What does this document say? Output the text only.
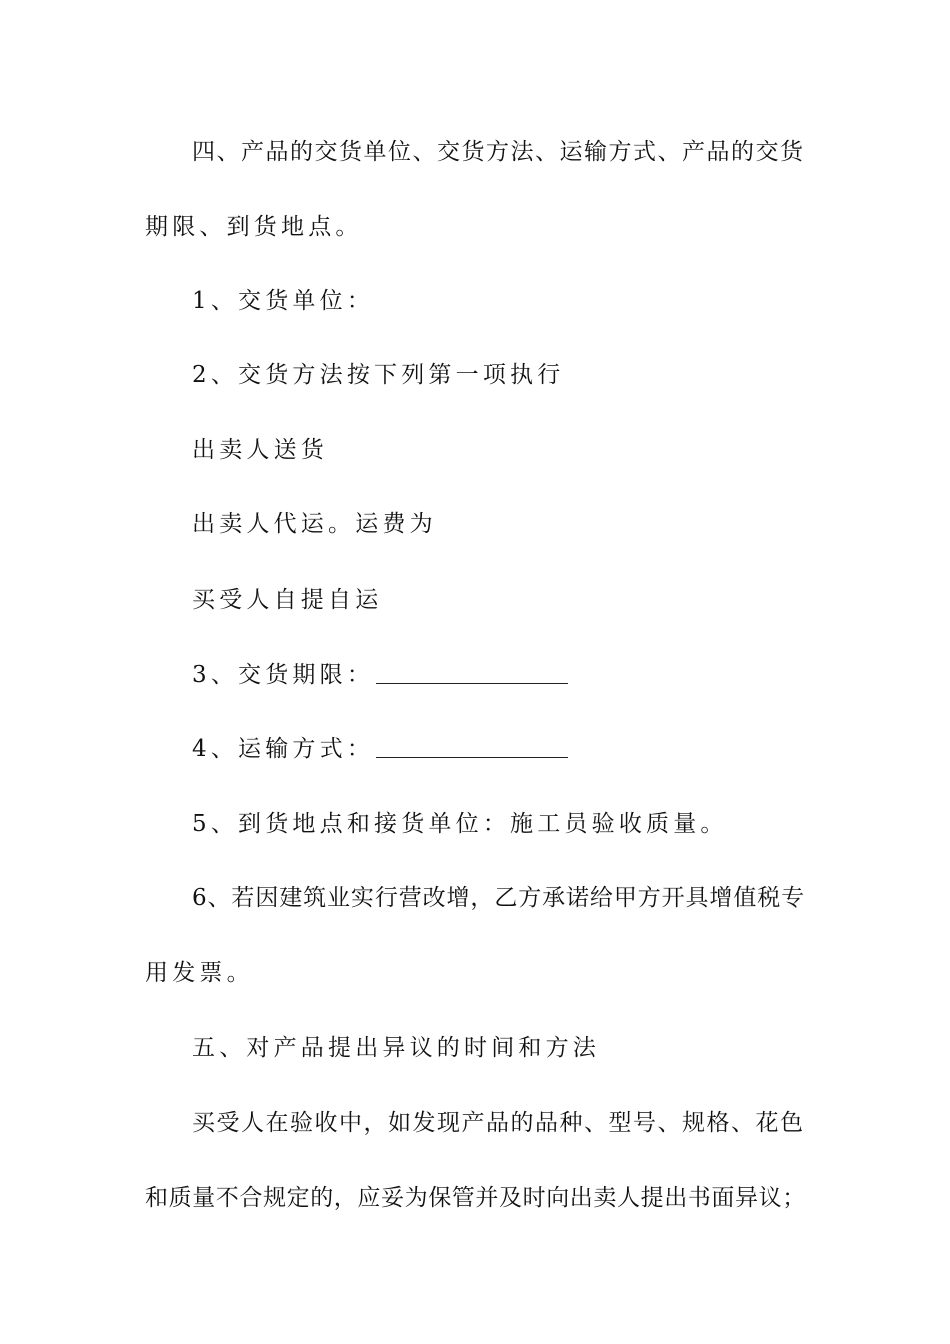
四、产品的交货单位、交货方法、运输方式、产品的交货
期限、到货地点。
1、交货单位：
2、交货方法按下列第一项执行
出卖人送货
出卖人代运。运费为
买受人自提自运
3、交货期限：
4、运输方式：
5、到货地点和接货单位：施工员验收质量。
6、若因建筑业实行营改增，乙方承诺给甲方开具增值税专
用发票。
五、对产品提出异议的时间和方法
买受人在验收中，如发现产品的品种、型号、规格、花色
和质量不合规定的，应妥为保管并及时向出卖人提出书面异议；
